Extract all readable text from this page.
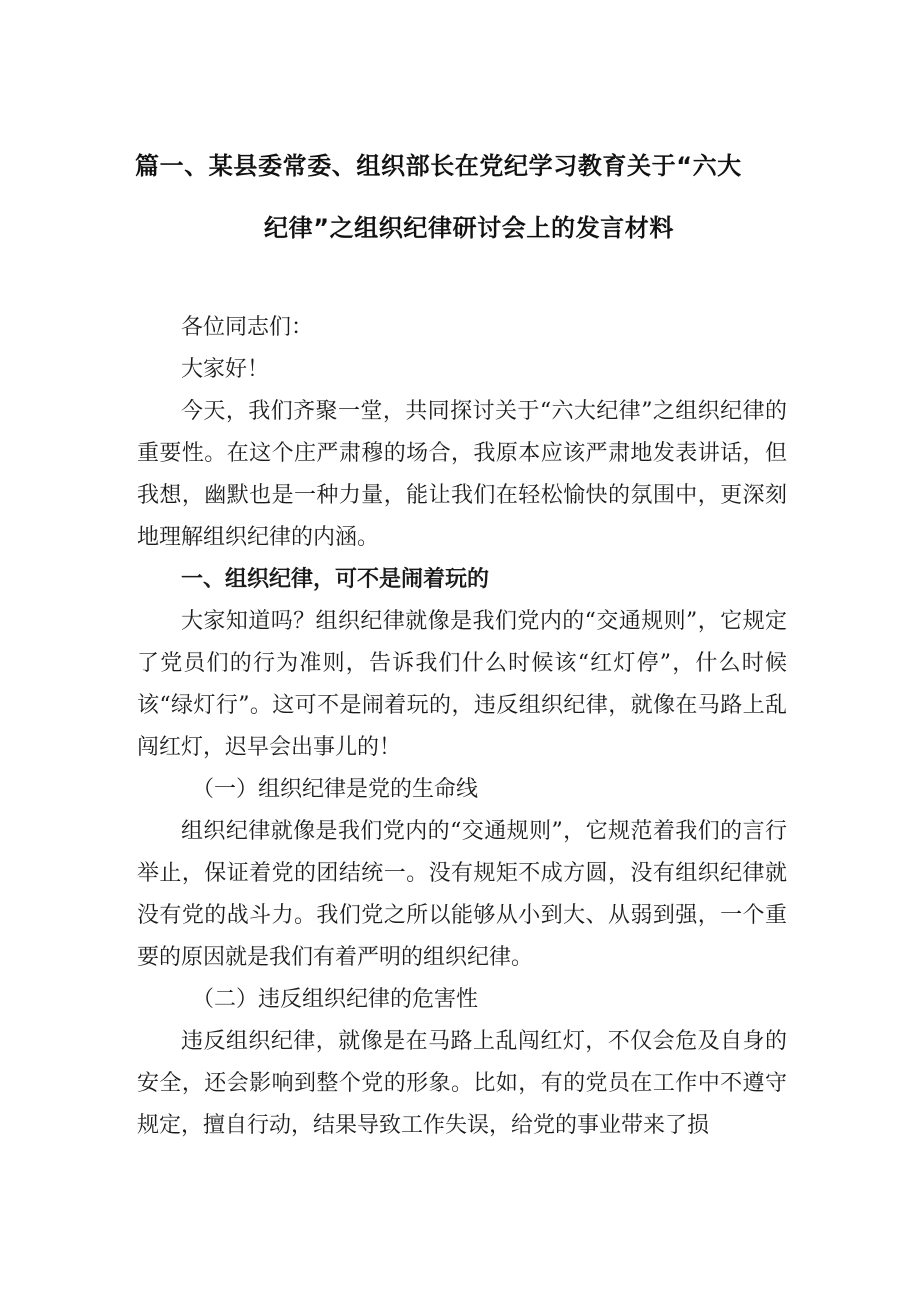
篇一、某县委常委、组织部长在党纪学习教育关于“六大
纪律”之组织纪律研讨会上的发言材料

各位同志们：

大家好！

今天，我们齐聚一堂，共同探讨关于“六大纪律”之组织纪律的重要性。在这个庄严肃穆的场合，我原本应该严肃地发表讲话，但我想，幽默也是一种力量，能让我们在轻松愉快的氛围中，更深刻地理解组织纪律的内涵。

一、组织纪律，可不是闹着玩的

大家知道吗？组织纪律就像是我们党内的“交通规则”，它规定了党员们的行为准则，告诉我们什么时候该“红灯停”，什么时候该“绿灯行”。这可不是闹着玩的，违反组织纪律，就像在马路上乱闯红灯，迟早会出事儿的！

（一）组织纪律是党的生命线

组织纪律就像是我们党内的“交通规则”，它规范着我们的言行举止，保证着党的团结统一。没有规矩不成方圆，没有组织纪律就没有党的战斗力。我们党之所以能够从小到大、从弱到强，一个重要的原因就是我们有着严明的组织纪律。

（二）违反组织纪律的危害性

违反组织纪律，就像是在马路上乱闯红灯，不仅会危及自身的安全，还会影响到整个党的形象。比如，有的党员在工作中不遵守规定，擅自行动，结果导致工作失误，给党的事业带来了损
